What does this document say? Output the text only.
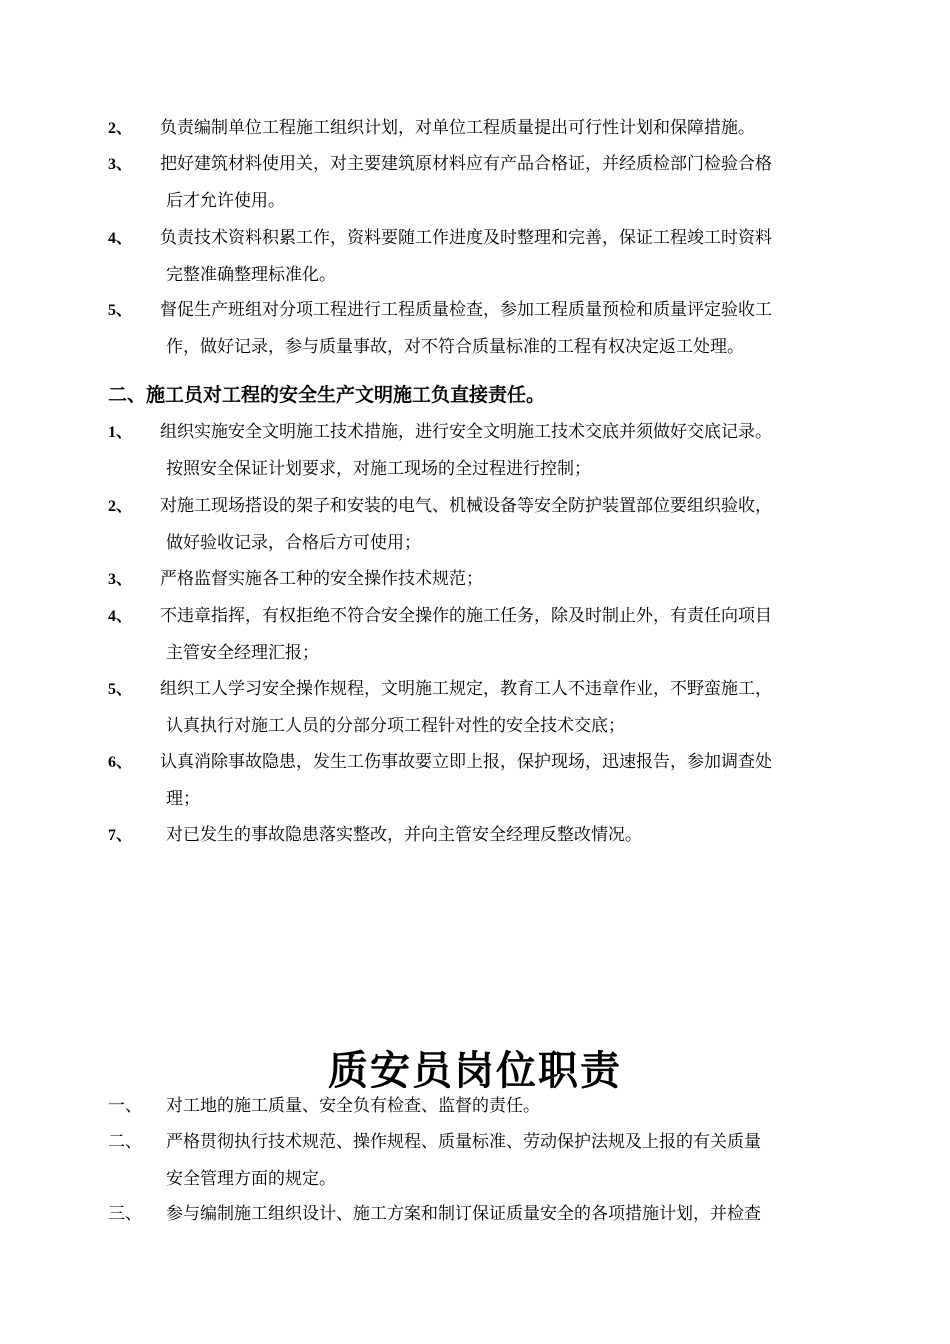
2、 负责编制单位工程施工组织计划，对单位工程质量提出可行性计划和保障措施。
3、 把好建筑材料使用关，对主要建筑原材料应有产品合格证，并经质检部门检验合格
后才允许使用。
4、 负责技术资料积累工作，资料要随工作进度及时整理和完善，保证工程竣工时资料
完整准确整理标准化。
5、 督促生产班组对分项工程进行工程质量检查，参加工程质量预检和质量评定验收工
作，做好记录，参与质量事故，对不符合质量标准的工程有权决定返工处理。
二、施工员对工程的安全生产文明施工负直接责任。
1、 组织实施安全文明施工技术措施，进行安全文明施工技术交底并须做好交底记录。
按照安全保证计划要求，对施工现场的全过程进行控制；
2、 对施工现场搭设的架子和安装的电气、机械设备等安全防护装置部位要组织验收，
做好验收记录，合格后方可使用；
3、 严格监督实施各工种的安全操作技术规范；
4、 不违章指挥，有权拒绝不符合安全操作的施工任务，除及时制止外，有责任向项目
主管安全经理汇报；
5、 组织工人学习安全操作规程，文明施工规定，教育工人不违章作业，不野蛮施工，
认真执行对施工人员的分部分项工程针对性的安全技术交底；
6、 认真消除事故隐患，发生工伤事故要立即上报，保护现场，迅速报告，参加调查处
理；
7、 对已发生的事故隐患落实整改，并向主管安全经理反整改情况。
质安员岗位职责
一、 对工地的施工质量、安全负有检查、监督的责任。
二、 严格贯彻执行技术规范、操作规程、质量标准、劳动保护法规及上报的有关质量
安全管理方面的规定。
三、 参与编制施工组织设计、施工方案和制订保证质量安全的各项措施计划，并检查
